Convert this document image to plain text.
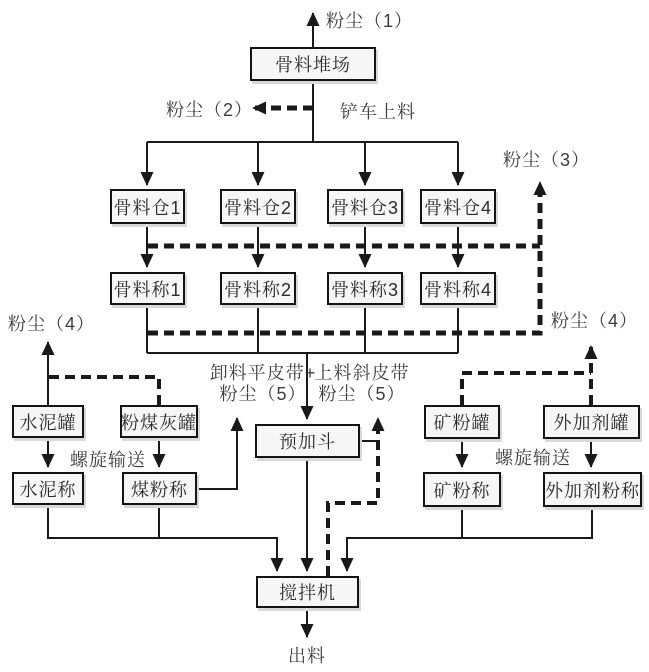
骨料堆场
骨料仓1 骨料仓2 骨料仓3 骨料仓4
骨料称1 骨料称2 骨料称3 骨料称4
水泥罐	粉煤灰罐
水泥称	煤粉称
预加斗
矿粉罐	外加剂罐
矿粉称	外加剂粉称
搅拌机
粉尘（1）
粉尘（2）	铲车上料
粉尘（3）
粉尘（4）	粉尘（4）
卸料平皮带+
粉尘（5）
上料斜皮带
粉尘（5）
螺旋输送	螺旋输送
出料
